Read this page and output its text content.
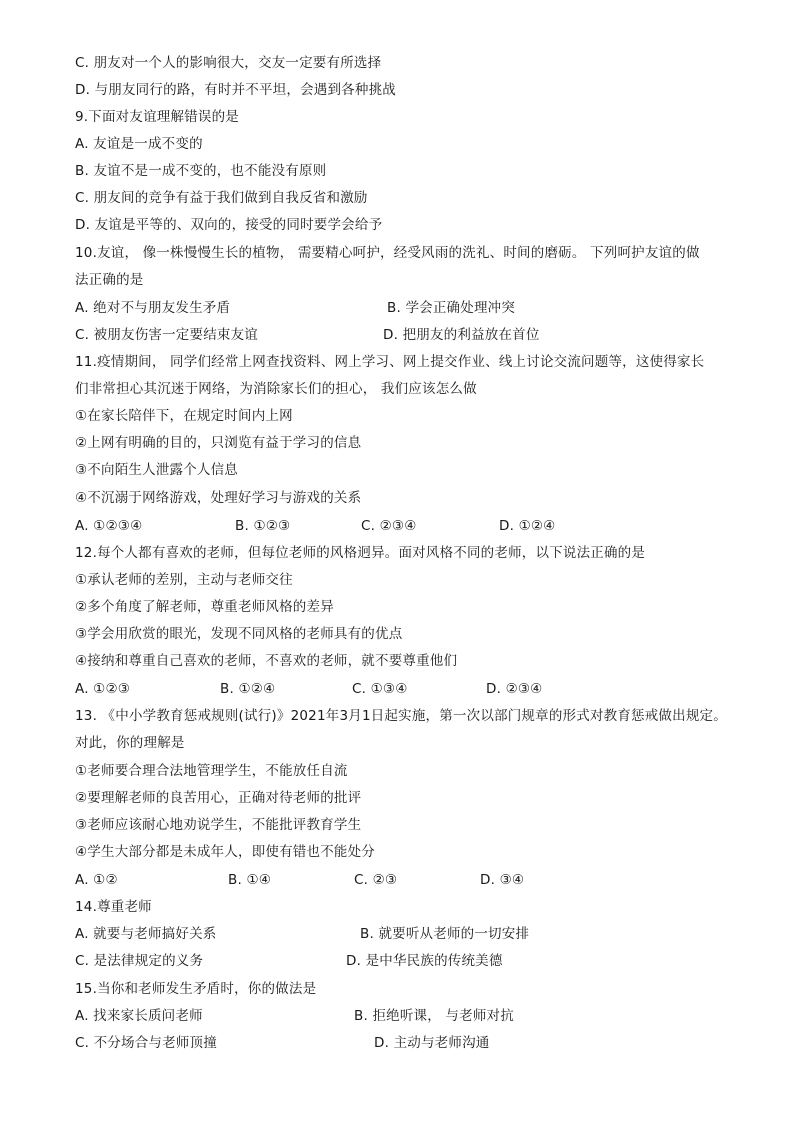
C. 朋友对一个人的影响很大，交友一定要有所选择
D. 与朋友同行的路，有时并不平坦，会遇到各种挑战
9.下面对友谊理解错误的是
A. 友谊是一成不变的
B. 友谊不是一成不变的，也不能没有原则
C. 朋友间的竞争有益于我们做到自我反省和激励
D. 友谊是平等的、双向的，接受的同时要学会给予
10.友谊， 像一株慢慢生长的植物， 需要精心呵护，经受风雨的洗礼、时间的磨砺。 下列呵护友谊的做
法正确的是
A. 绝对不与朋友发生矛盾	B. 学会正确处理冲突
C. 被朋友伤害一定要结束友谊	D. 把朋友的利益放在首位
11.疫情期间， 同学们经常上网查找资料、网上学习、网上提交作业、线上讨论交流问题等，这使得家长
们非常担心其沉迷于网络，为消除家长们的担心， 我们应该怎么做
①在家长陪伴下，在规定时间内上网
②上网有明确的目的，只浏览有益于学习的信息
③不向陌生人泄露个人信息
④不沉溺于网络游戏，处理好学习与游戏的关系
A. ①②③④	B. ①②③	C. ②③④	D. ①②④
12.每个人都有喜欢的老师，但每位老师的风格迥异。面对风格不同的老师，以下说法正确的是
①承认老师的差别，主动与老师交往
②多个角度了解老师，尊重老师风格的差异
③学会用欣赏的眼光，发现不同风格的老师具有的优点
④接纳和尊重自己喜欢的老师，不喜欢的老师，就不要尊重他们
A. ①②③	B. ①②④	C. ①③④	D. ②③④
13. 《中小学教育惩戒规则(试行)》2021年3月1日起实施，第一次以部门规章的形式对教育惩戒做出规定。
对此，你的理解是
①老师要合理合法地管理学生，不能放任自流
②要理解老师的良苦用心，正确对待老师的批评
③老师应该耐心地劝说学生，不能批评教育学生
④学生大部分都是未成年人，即使有错也不能处分
A. ①②	B. ①④	C. ②③	D. ③④
14.尊重老师
A. 就要与老师搞好关系	B. 就要听从老师的一切安排
C. 是法律规定的义务	D. 是中华民族的传统美德
15.当你和老师发生矛盾时，你的做法是
A. 找来家长质问老师	B. 拒绝听课， 与老师对抗
C. 不分场合与老师顶撞	D. 主动与老师沟通
